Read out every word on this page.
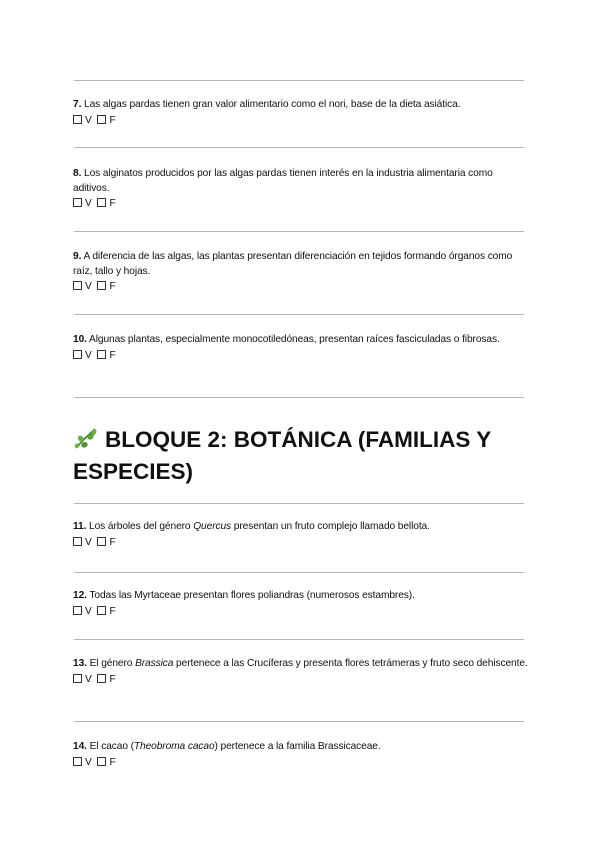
7. Las algas pardas tienen gran valor alimentario como el nori, base de la dieta asiática.
V F
8. Los alginatos producidos por las algas pardas tienen interés en la industria alimentaria como aditivos.
V F
9. A diferencia de las algas, las plantas presentan diferenciación en tejidos formando órganos como raíz, tallo y hojas.
V F
10. Algunas plantas, especialmente monocotiledóneas, presentan raíces fasciculadas o fibrosas.
V F
BLOQUE 2: BOTÁNICA (FAMILIAS Y ESPECIES)
11. Los árboles del género Quercus presentan un fruto complejo llamado bellota.
V F
12. Todas las Myrtaceae presentan flores poliandras (numerosos estambres).
V F
13. El género Brassica pertenece a las Crucíferas y presenta flores tetrámeras y fruto seco dehiscente.
V F
14. El cacao (Theobroma cacao) pertenece a la familia Brassicaceae.
V F
